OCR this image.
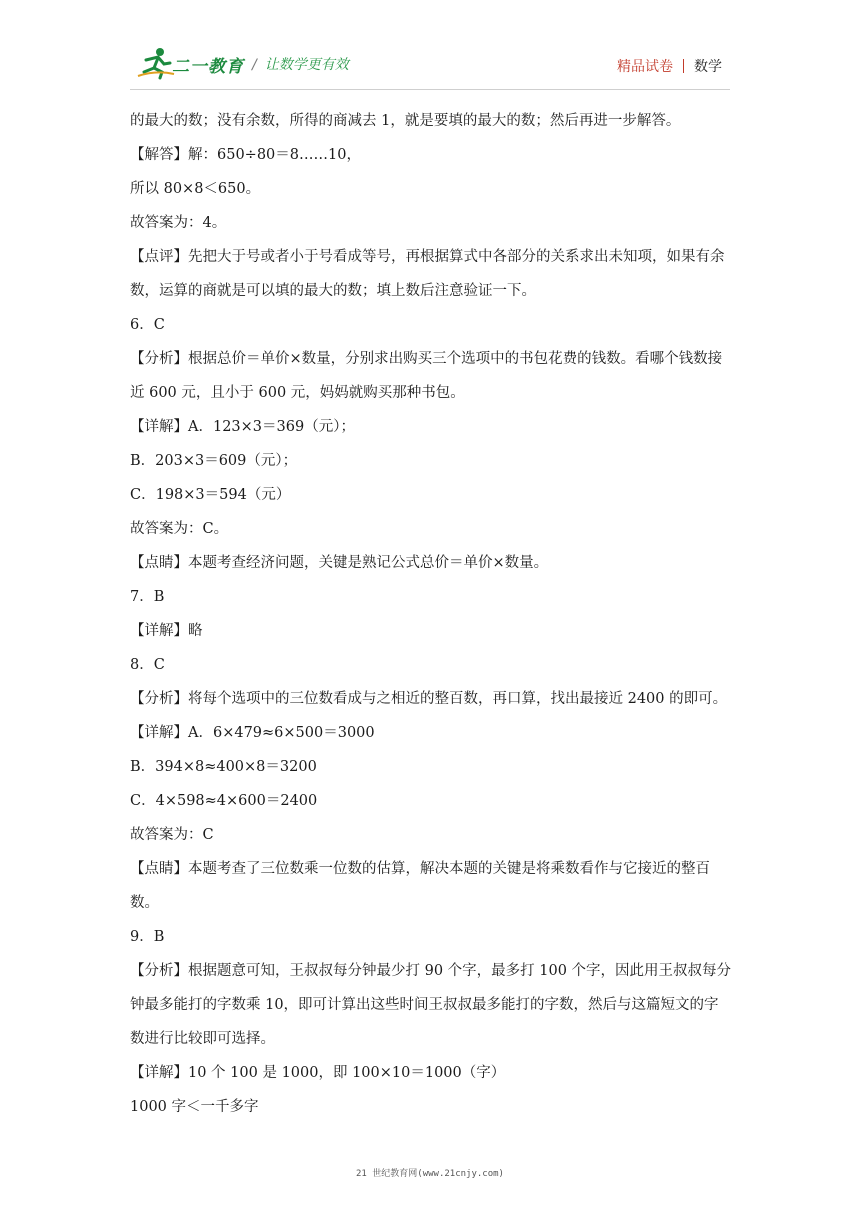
二一教育 / 让数学更有效	精品试卷 数学
的最大的数；没有余数，所得的商减去 1，就是要填的最大的数；然后再进一步解答。
【解答】解：650÷80＝8……10，
所以 80×8＜650。
故答案为：4。
【点评】先把大于号或者小于号看成等号，再根据算式中各部分的关系求出未知项，如果有余数，运算的商就是可以填的最大的数；填上数后注意验证一下。
6．C
【分析】根据总价＝单价×数量，分别求出购买三个选项中的书包花费的钱数。看哪个钱数接近 600 元，且小于 600 元，妈妈就购买那种书包。
【详解】A．123×3＝369（元）；
B．203×3＝609（元）；
C．198×3＝594（元）
故答案为：C。
【点睛】本题考查经济问题，关键是熟记公式总价＝单价×数量。
7．B
【详解】略
8．C
【分析】将每个选项中的三位数看成与之相近的整百数，再口算，找出最接近 2400 的即可。
【详解】A．6×479≈6×500＝3000
B．394×8≈400×8＝3200
C．4×598≈4×600＝2400
故答案为：C
【点睛】本题考查了三位数乘一位数的估算，解决本题的关键是将乘数看作与它接近的整百数。
9．B
【分析】根据题意可知，王叔叔每分钟最少打 90 个字，最多打 100 个字，因此用王叔叔每分钟最多能打的字数乘 10，即可计算出这些时间王叔叔最多能打的字数，然后与这篇短文的字数进行比较即可选择。
【详解】10 个 100 是 1000，即 100×10＝1000（字）
1000 字＜一千多字
21 世纪教育网(www.21cnjy.com)
